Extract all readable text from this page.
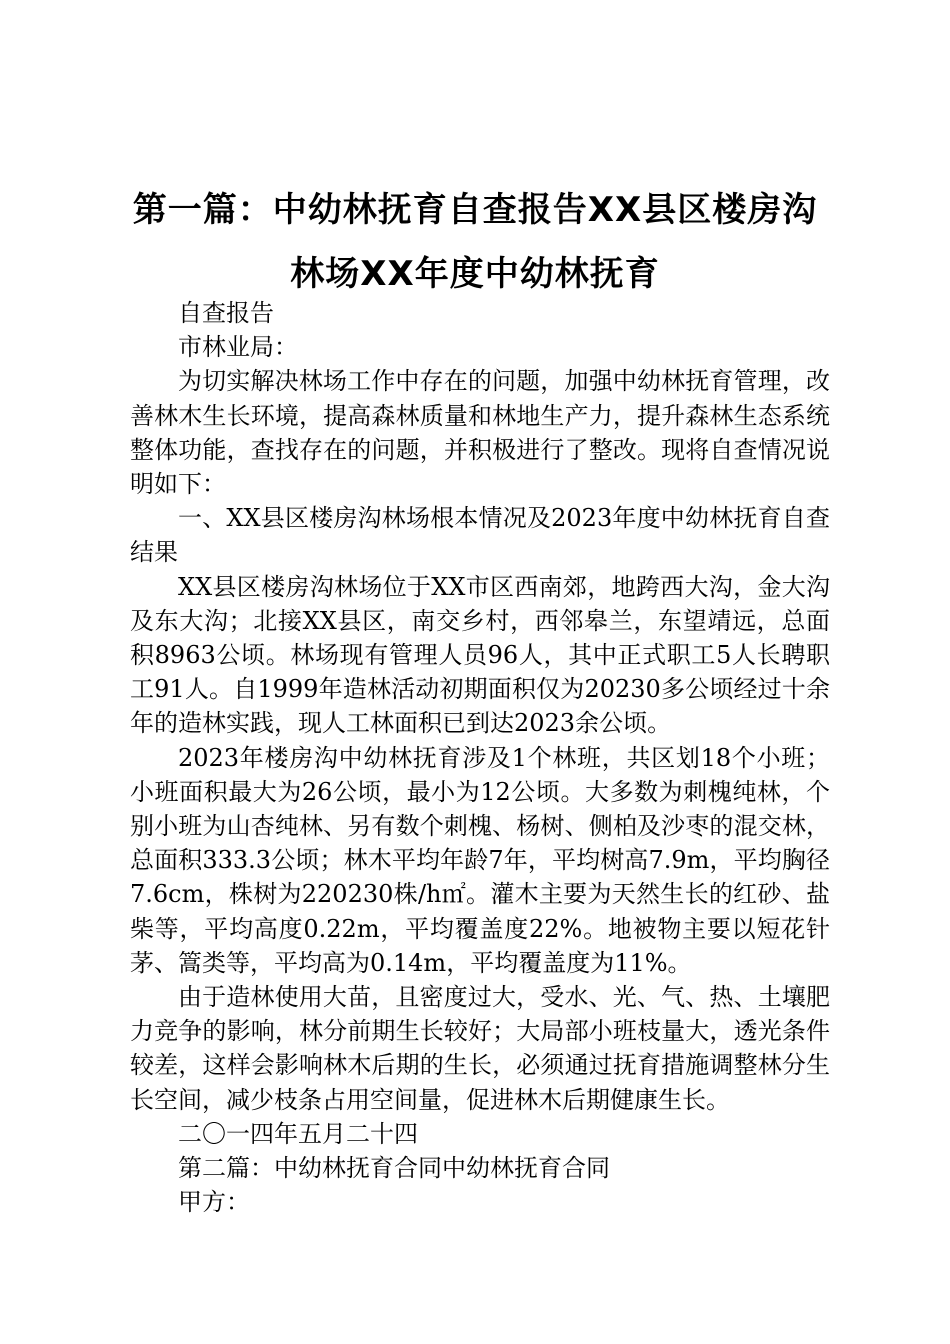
第一篇：中幼林抚育自查报告XX县区楼房沟
林场XX年度中幼林抚育

自查报告

市林业局：

为切实解决林场工作中存在的问题，加强中幼林抚育管理，改善林木生长环境，提高森林质量和林地生产力，提升森林生态系统整体功能，查找存在的问题，并积极进行了整改。现将自查情况说明如下：

一、XX县区楼房沟林场根本情况及2023年度中幼林抚育自查结果

XX县区楼房沟林场位于XX市区西南郊，地跨西大沟，金大沟及东大沟；北接XX县区，南交乡村，西邻皋兰，东望靖远，总面积8963公顷。林场现有管理人员96人，其中正式职工5人长聘职工91人。自1999年造林活动初期面积仅为20230多公顷经过十余年的造林实践，现人工林面积已到达2023余公顷。

2023年楼房沟中幼林抚育涉及1个林班，共区划18个小班；小班面积最大为26公顷，最小为12公顷。大多数为刺槐纯林，个别小班为山杏纯林、另有数个刺槐、杨树、侧柏及沙枣的混交林，总面积333.3公顷；林木平均年龄7年，平均树高7.9m，平均胸径7.6cm，株树为220230株/h㎡。灌木主要为天然生长的红砂、盐柴等，平均高度0.22m，平均覆盖度22%。地被物主要以短花针茅、篙类等，平均高为0.14m，平均覆盖度为11%。

由于造林使用大苗，且密度过大，受水、光、气、热、土壤肥力竞争的影响，林分前期生长较好；大局部小班枝量大，透光条件较差，这样会影响林木后期的生长，必须通过抚育措施调整林分生长空间，减少枝条占用空间量，促进林木后期健康生长。

二〇一四年五月二十四

第二篇：中幼林抚育合同中幼林抚育合同

甲方：
